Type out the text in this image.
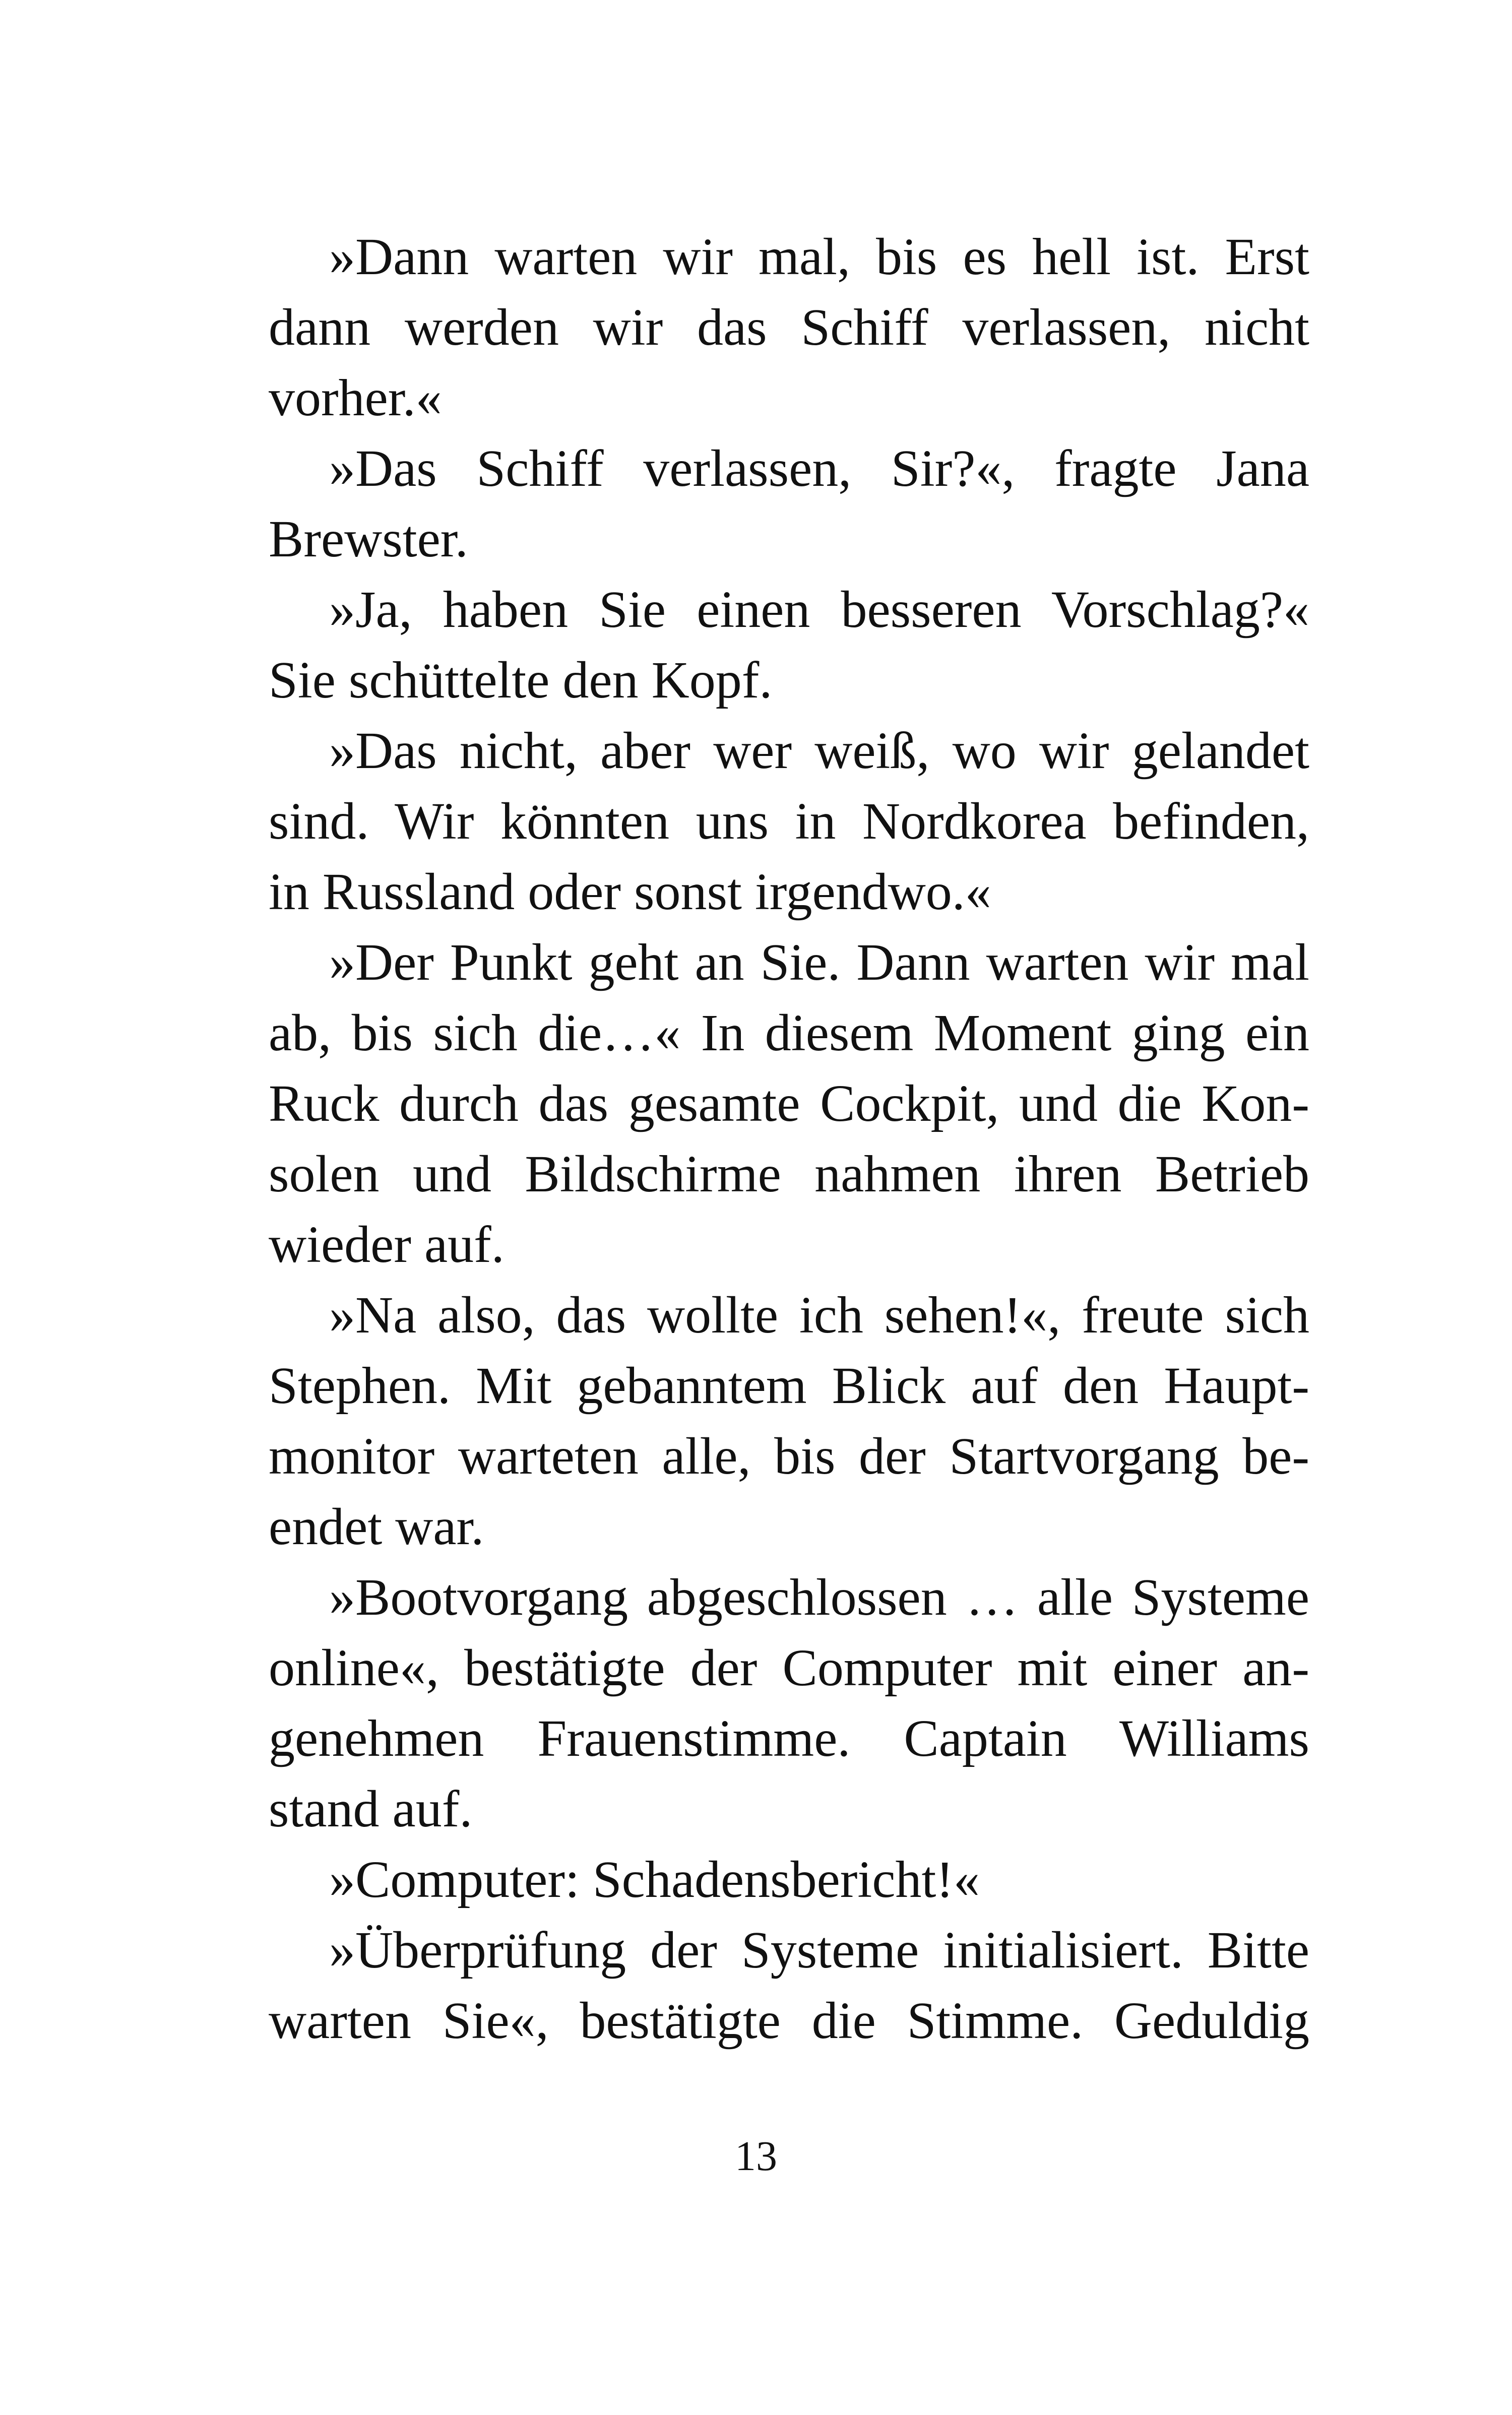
»Dann warten wir mal, bis es hell ist. Erst
dann werden wir das Schiff verlassen, nicht
vorher.«
»Das Schiff verlassen, Sir?«, fragte Jana
Brewster.
»Ja, haben Sie einen besseren Vorschlag?«
Sie schüttelte den Kopf.
»Das nicht, aber wer weiß, wo wir gelandet
sind. Wir könnten uns in Nordkorea befinden,
in Russland oder sonst irgendwo.«
»Der Punkt geht an Sie. Dann warten wir mal
ab, bis sich die…« In diesem Moment ging ein
Ruck durch das gesamte Cockpit, und die Kon-
solen und Bildschirme nahmen ihren Betrieb
wieder auf.
»Na also, das wollte ich sehen!«, freute sich
Stephen. Mit gebanntem Blick auf den Haupt-
monitor warteten alle, bis der Startvorgang be-
endet war.
»Bootvorgang abgeschlossen … alle Systeme
online«, bestätigte der Computer mit einer an-
genehmen Frauenstimme. Captain Williams
stand auf.
»Computer: Schadensbericht!«
»Überprüfung der Systeme initialisiert. Bitte
warten Sie«, bestätigte die Stimme. Geduldig
13
